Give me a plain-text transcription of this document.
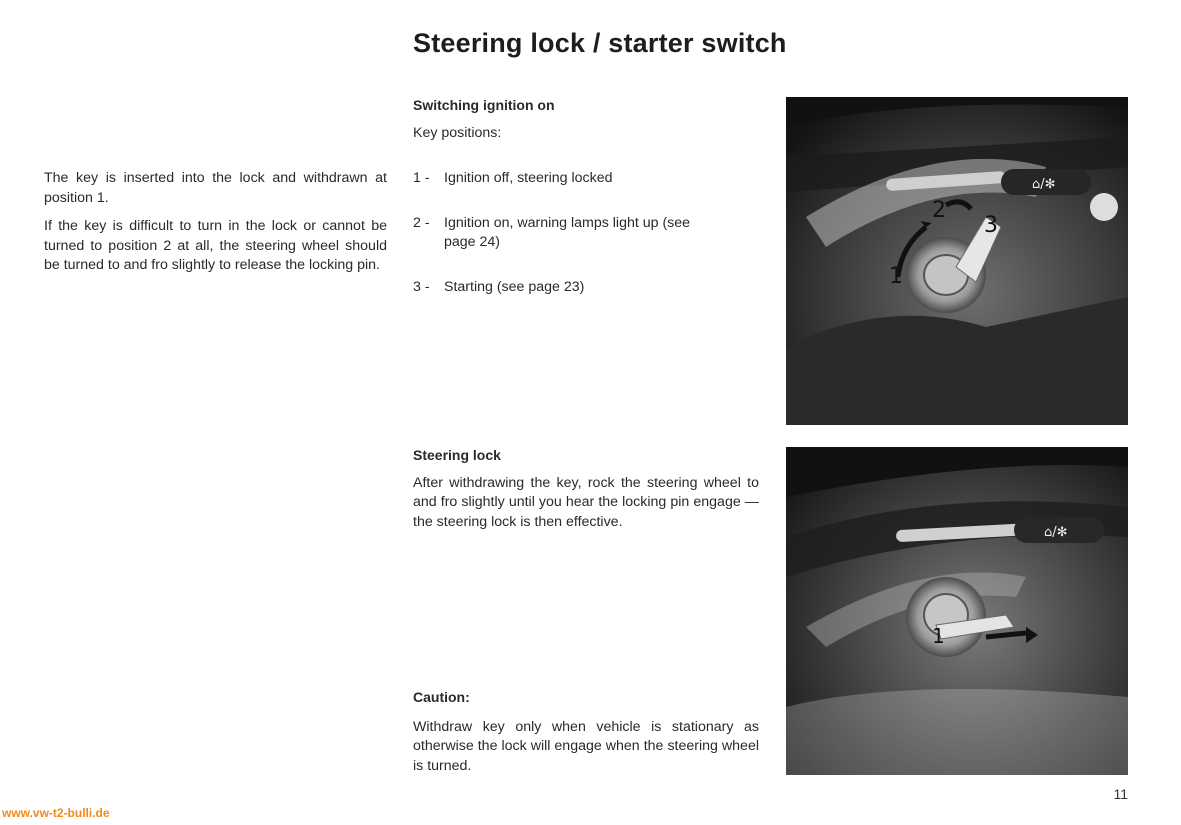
Steering lock / starter switch

The key is inserted into the lock and withdrawn at position 1.

If the key is difficult to turn in the lock or cannot be turned to position 2 at all, the steering wheel should be turned to and fro slightly to release the locking pin.

Switching ignition on
Key positions:
1 -	Ignition off, steering locked
2 -	Ignition on, warning lamps light up (see page 24)
3 -	Starting (see page 23)
Steering lock

After withdrawing the key, rock the steering wheel to and fro slightly until you hear the locking pin engage — the steering lock is then effective.

Caution:

Withdraw key only when vehicle is stationary as otherwise the lock will engage when the steering wheel is turned.

⌂/✻
1
2
3
⌂/✻
1
11
www.vw-t2-bulli.de
